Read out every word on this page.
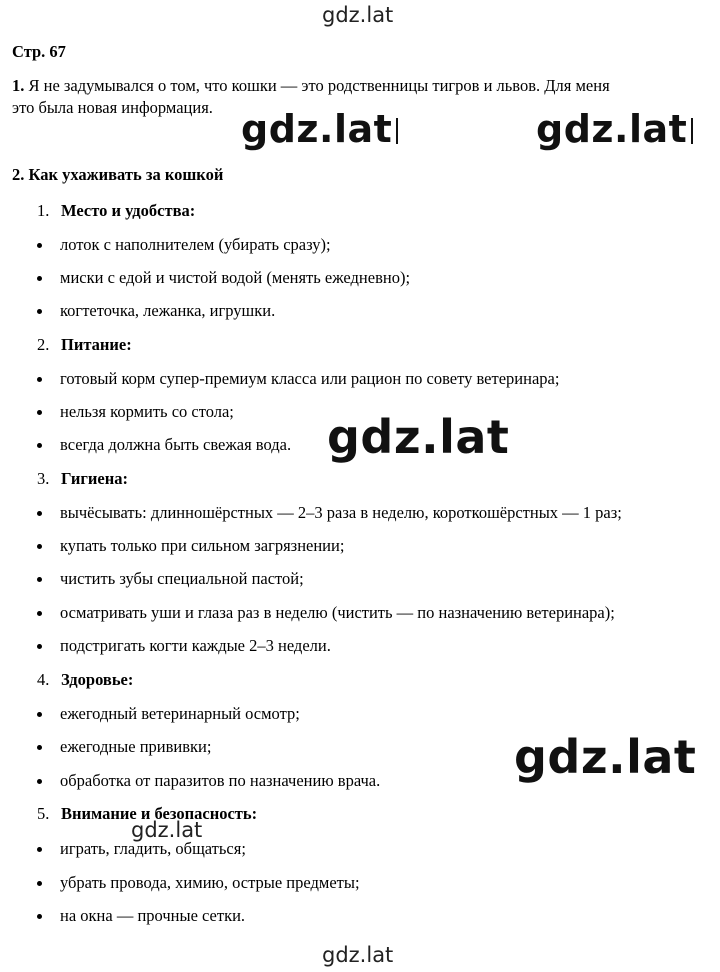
gdz.lat
gdz.lat	gdz.lat
gdz.lat
gdz.lat
gdz.lat
gdz.lat
Стр. 67
1. Я не задумывался о том, что кошки — это родственницы тигров и львов. Для меня
это была новая информация.
2. Как ухаживать за кошкой
1. Место и удобства:
лоток с наполнителем (убирать сразу);
миски с едой и чистой водой (менять ежедневно);
когтеточка, лежанка, игрушки.
2. Питание:
готовый корм супер-премиум класса или рацион по совету ветеринара;
нельзя кормить со стола;
всегда должна быть свежая вода.
3. Гигиена:
вычёсывать: длинношёрстных — 2–3 раза в неделю, короткошёрстных — 1 раз;
купать только при сильном загрязнении;
чистить зубы специальной пастой;
осматривать уши и глаза раз в неделю (чистить — по назначению ветеринара);
подстригать когти каждые 2–3 недели.
4. Здоровье:
ежегодный ветеринарный осмотр;
ежегодные прививки;
обработка от паразитов по назначению врача.
5. Внимание и безопасность:
играть, гладить, общаться;
убрать провода, химию, острые предметы;
на окна — прочные сетки.
